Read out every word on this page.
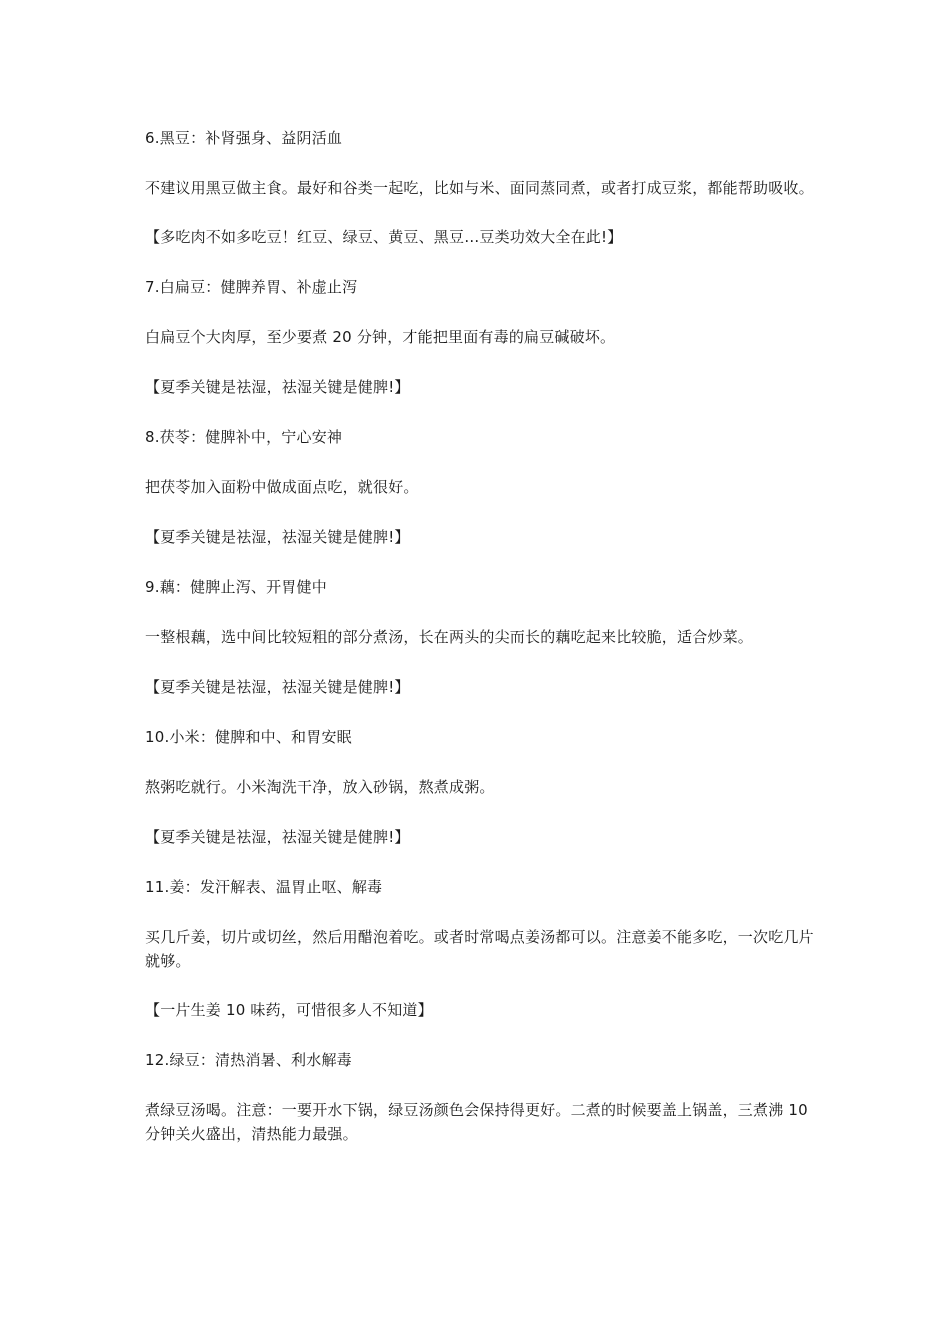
6.黑豆：补肾强身、益阴活血

不建议用黑豆做主食。最好和谷类一起吃，比如与米、面同蒸同煮，或者打成豆浆，都能帮助吸收。

【多吃肉不如多吃豆！红豆、绿豆、黄豆、黑豆…豆类功效大全在此!】

7.白扁豆：健脾养胃、补虚止泻

白扁豆个大肉厚，至少要煮 20 分钟，才能把里面有毒的扁豆碱破坏。

【夏季关键是祛湿，祛湿关键是健脾!】

8.茯苓：健脾补中，宁心安神

把茯苓加入面粉中做成面点吃，就很好。

【夏季关键是祛湿，祛湿关键是健脾!】

9.藕：健脾止泻、开胃健中

一整根藕，选中间比较短粗的部分煮汤，长在两头的尖而长的藕吃起来比较脆，适合炒菜。

【夏季关键是祛湿，祛湿关键是健脾!】

10.小米：健脾和中、和胃安眠

熬粥吃就行。小米淘洗干净，放入砂锅，熬煮成粥。

【夏季关键是祛湿，祛湿关键是健脾!】

11.姜：发汗解表、温胃止呕、解毒

买几斤姜，切片或切丝，然后用醋泡着吃。或者时常喝点姜汤都可以。注意姜不能多吃，一次吃几片就够。

【一片生姜 10 味药，可惜很多人不知道】

12.绿豆：清热消暑、利水解毒

煮绿豆汤喝。注意：一要开水下锅，绿豆汤颜色会保持得更好。二煮的时候要盖上锅盖，三煮沸 10 分钟关火盛出，清热能力最强。
